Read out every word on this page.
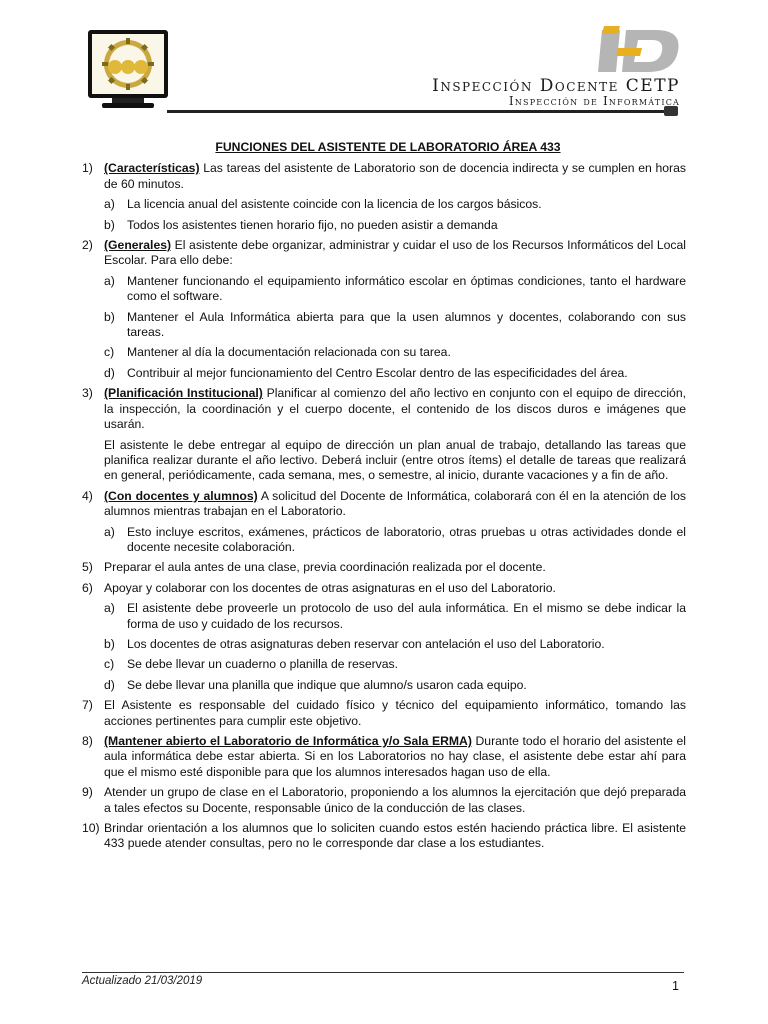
Inspección Docente CETP
Inspección de Informática
FUNCIONES DEL ASISTENTE DE LABORATORIO ÁREA 433
1) (Características) Las tareas del asistente de Laboratorio son de docencia indirecta y se cumplen en horas de 60 minutos.
a) La licencia anual del asistente coincide con la licencia de los cargos básicos.
b) Todos los asistentes tienen horario fijo, no pueden asistir a demanda
2) (Generales) El asistente debe organizar, administrar y cuidar el uso de los Recursos Informáticos del Local Escolar. Para ello debe:
a) Mantener funcionando el equipamiento informático escolar en óptimas condiciones, tanto el hardware como el software.
b) Mantener el Aula Informática abierta para que la usen alumnos y docentes, colaborando con sus tareas.
c) Mantener al día la documentación relacionada con su tarea.
d) Contribuir al mejor funcionamiento del Centro Escolar dentro de las especificidades del área.
3) (Planificación Institucional) Planificar al comienzo del año lectivo en conjunto con el equipo de dirección, la inspección, la coordinación y el cuerpo docente, el contenido de los discos duros e imágenes que usarán.
El asistente le debe entregar al equipo de dirección un plan anual de trabajo, detallando las tareas que planifica realizar durante el año lectivo. Deberá incluir (entre otros ítems) el detalle de tareas que realizará en general, periódicamente, cada semana, mes, o semestre, al inicio, durante vacaciones y a fin de año.
4) (Con docentes y alumnos) A solicitud del Docente de Informática, colaborará con él en la atención de los alumnos mientras trabajan en el Laboratorio.
a) Esto incluye escritos, exámenes, prácticos de laboratorio, otras pruebas u otras actividades donde el docente necesite colaboración.
5) Preparar el aula antes de una clase, previa coordinación realizada por el docente.
6) Apoyar y colaborar con los docentes de otras asignaturas en el uso del Laboratorio.
a) El asistente debe proveerle un protocolo de uso del aula informática. En el mismo se debe indicar la forma de uso y cuidado de los recursos.
b) Los docentes de otras asignaturas deben reservar con antelación el uso del Laboratorio.
c) Se debe llevar un cuaderno o planilla de reservas.
d) Se debe llevar una planilla que indique que alumno/s usaron cada equipo.
7) El Asistente es responsable del cuidado físico y técnico del equipamiento informático, tomando las acciones pertinentes para cumplir este objetivo.
8) (Mantener abierto el Laboratorio de Informática y/o Sala ERMA) Durante todo el horario del asistente el aula informática debe estar abierta. Si en los Laboratorios no hay clase, el asistente debe estar ahí para que el mismo esté disponible para que los alumnos interesados hagan uso de ella.
9) Atender un grupo de clase en el Laboratorio, proponiendo a los alumnos la ejercitación que dejó preparada a tales efectos su Docente, responsable único de la conducción de las clases.
10) Brindar orientación a los alumnos que lo soliciten cuando estos estén haciendo práctica libre. El asistente 433 puede atender consultas, pero no le corresponde dar clase a los estudiantes.
Actualizado 21/03/2019	1
